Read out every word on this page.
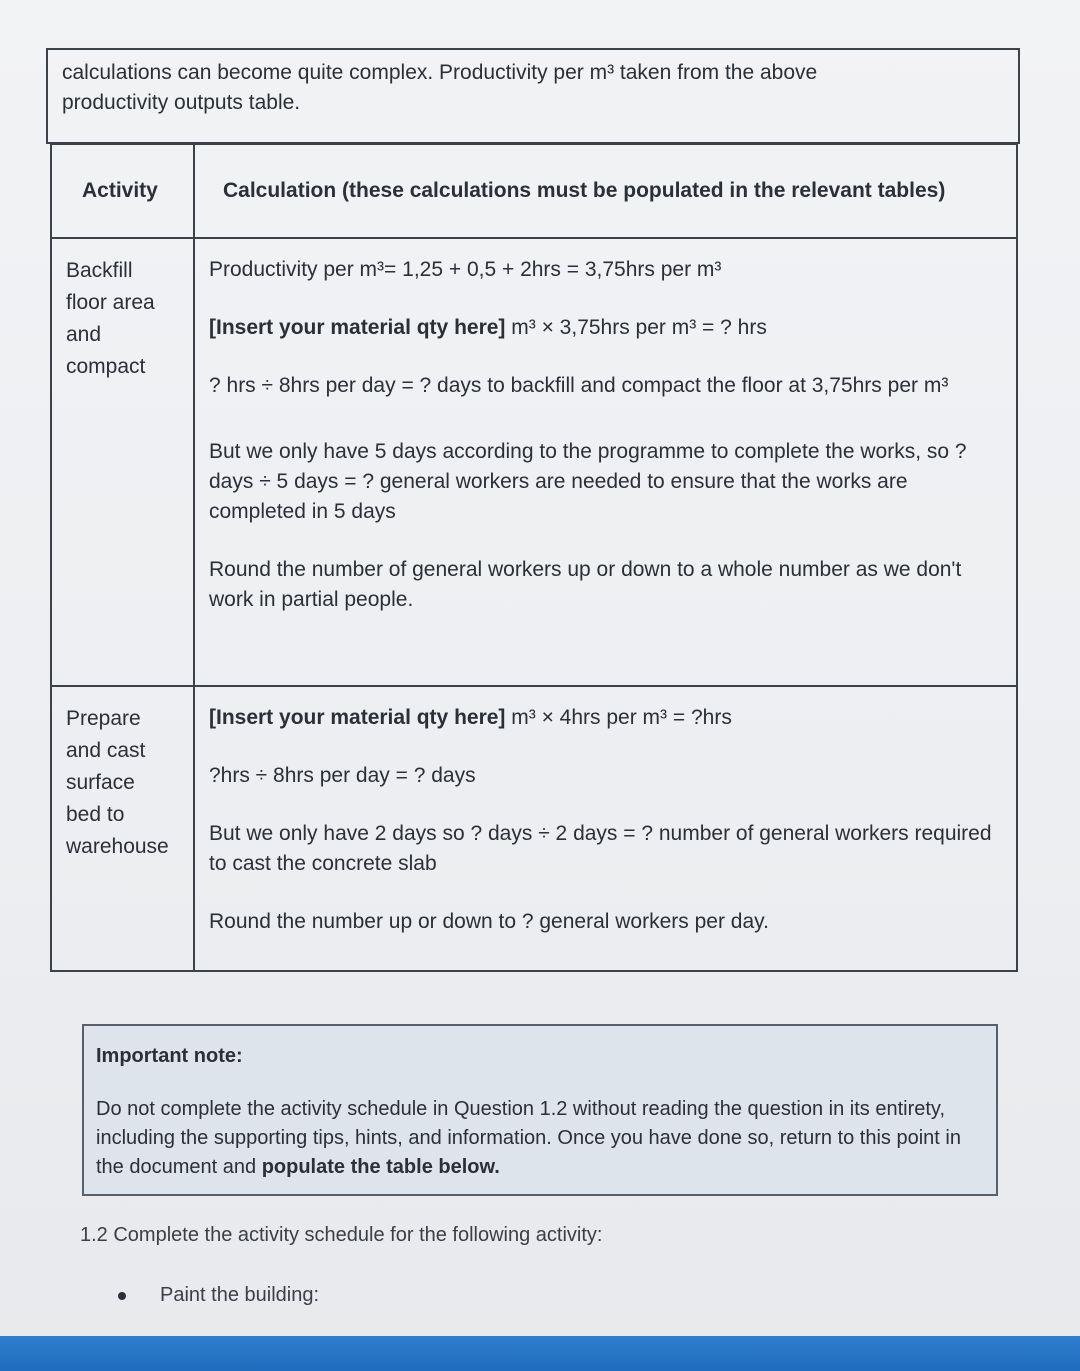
calculations can become quite complex. Productivity per m³ taken from the above
productivity outputs table.
Activity	Calculation (these calculations must be populated in the relevant tables)
Backfill
floor area
and
compact
Productivity per m³= 1,25 + 0,5 + 2hrs = 3,75hrs per m³
[Insert your material qty here] m³ × 3,75hrs per m³ = ? hrs
? hrs ÷ 8hrs per day = ? days to backfill and compact the floor at 3,75hrs per m³
But we only have 5 days according to the programme to complete the works, so ? days ÷ 5 days = ? general workers are needed to ensure that the works are completed in 5 days
Round the number of general workers up or down to a whole number as we don't work in partial people.
Prepare
and cast
surface
bed to
warehouse
[Insert your material qty here] m³ × 4hrs per m³ = ?hrs
?hrs ÷ 8hrs per day = ? days
But we only have 2 days so ? days ÷ 2 days = ? number of general workers required to cast the concrete slab
Round the number up or down to ? general workers per day.
Important note:
Do not complete the activity schedule in Question 1.2 without reading the question in its entirety, including the supporting tips, hints, and information. Once you have done so, return to this point in the document and populate the table below.
1.2 Complete the activity schedule for the following activity:
Paint the building:
